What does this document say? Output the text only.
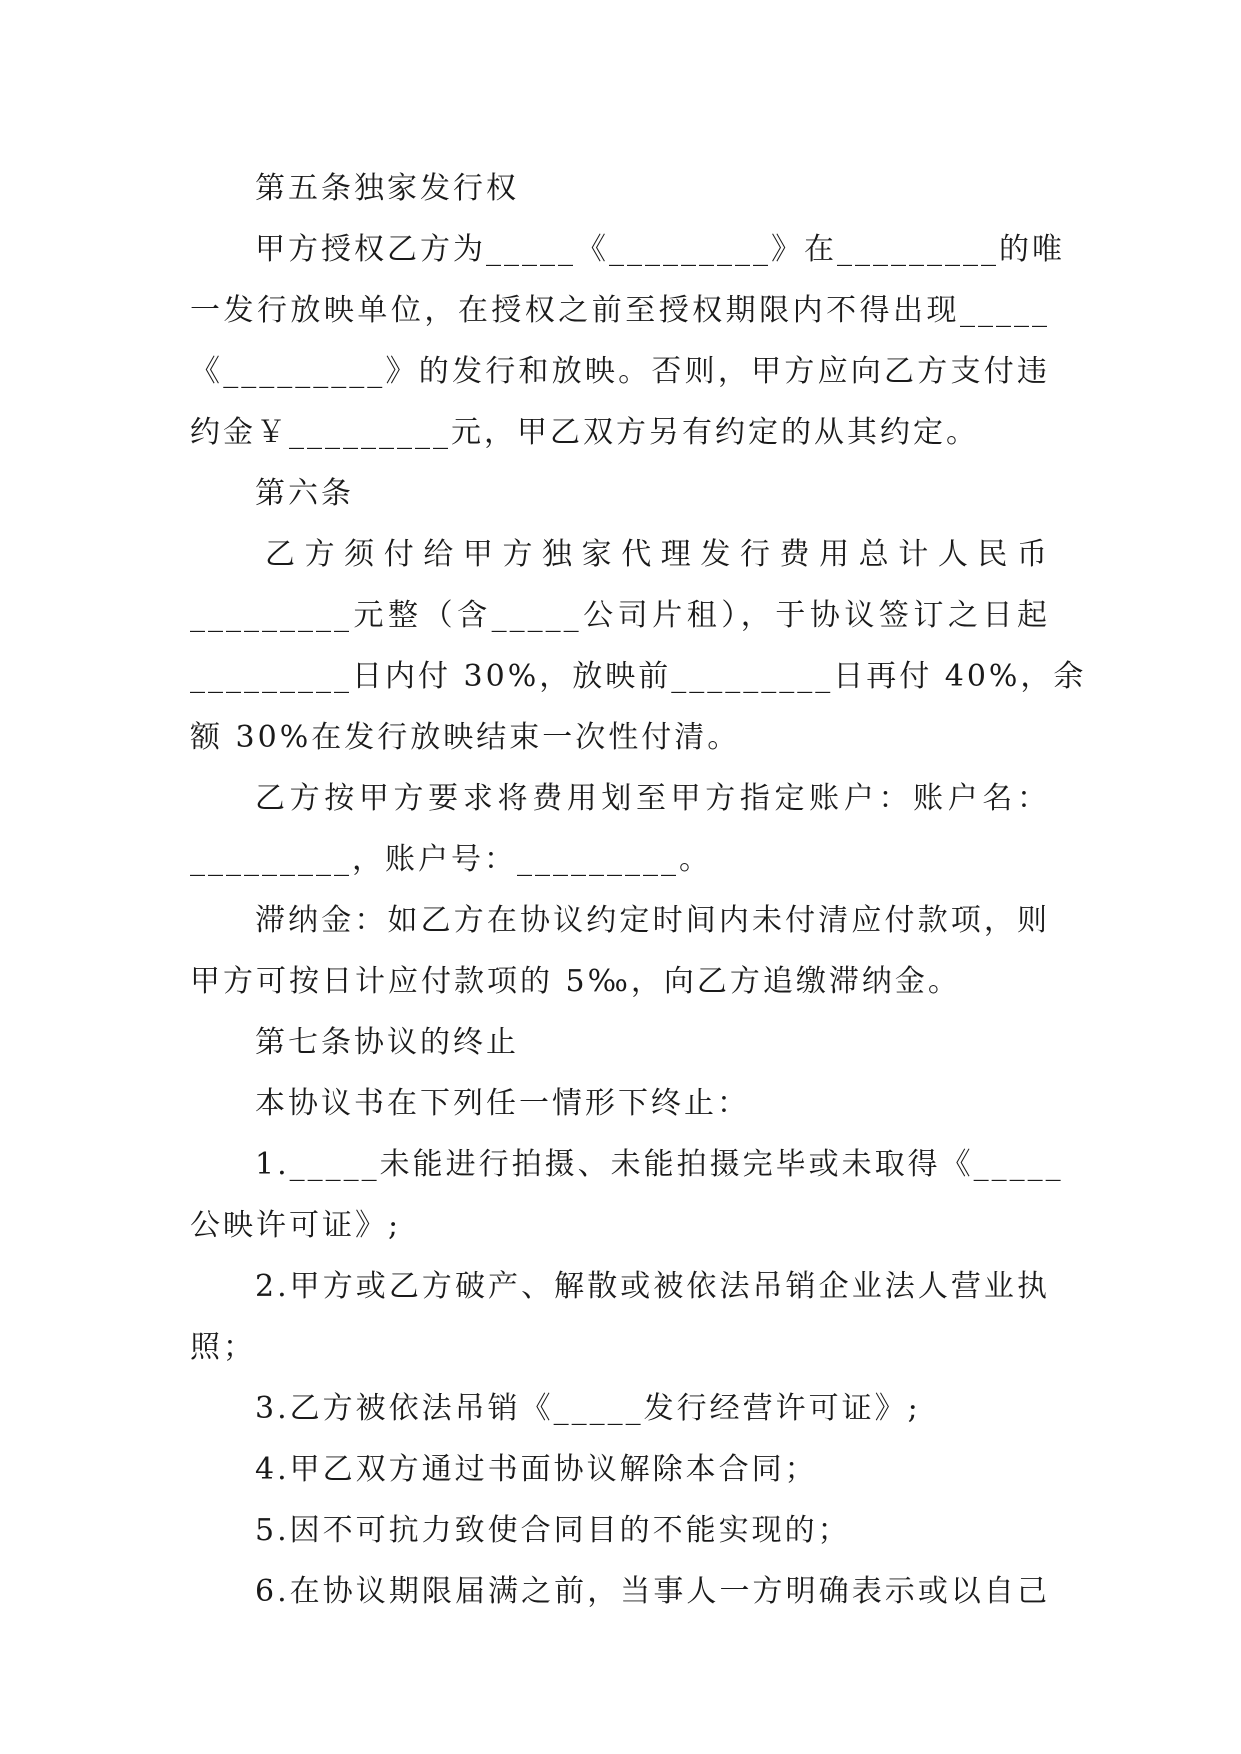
第五条独家发行权
甲方授权乙方为_____《_________》在_________的唯
一发行放映单位，在授权之前至授权期限内不得出现_____
《_________》的发行和放映。否则，甲方应向乙方支付违
约金￥_________元，甲乙双方另有约定的从其约定。
第六条
乙方须付给甲方独家代理发行费用总计人民币
_________元整（含_____公司片租），于协议签订之日起
_________日内付 30%，放映前_________日再付 40%，余
额 30%在发行放映结束一次性付清。
乙方按甲方要求将费用划至甲方指定账户：账户名：
_________，账户号：_________。
滞纳金：如乙方在协议约定时间内未付清应付款项，则
甲方可按日计应付款项的 5‰，向乙方追缴滞纳金。
第七条协议的终止
本协议书在下列任一情形下终止：
1._____未能进行拍摄、未能拍摄完毕或未取得《_____
公映许可证》;
2.甲方或乙方破产、解散或被依法吊销企业法人营业执
照；
3.乙方被依法吊销《_____发行经营许可证》;
4.甲乙双方通过书面协议解除本合同；
5.因不可抗力致使合同目的不能实现的；
6.在协议期限届满之前，当事人一方明确表示或以自己
